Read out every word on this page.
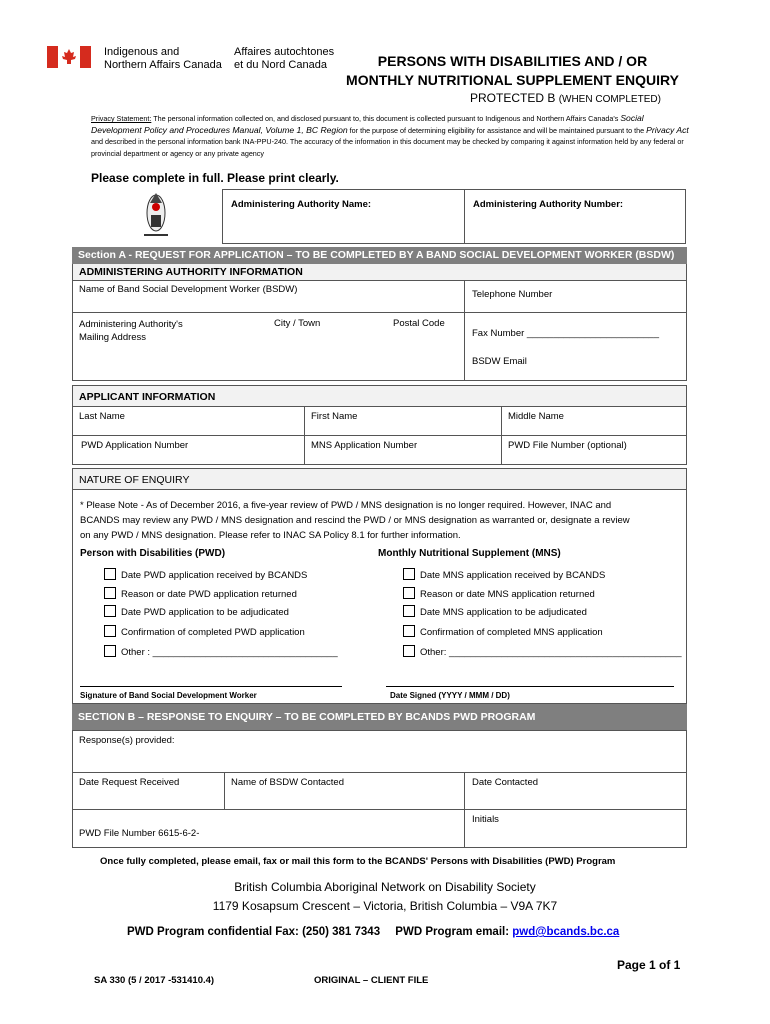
Indigenous and
Northern Affairs Canada
Affaires autochtones
et du Nord Canada	PERSONS WITH DISABILITIES AND / OR
MONTHLY NUTRITIONAL SUPPLEMENT ENQUIRY
PROTECTED B (WHEN COMPLETED)
Privacy Statement: The personal information collected on, and disclosed pursuant to, this document is collected pursuant to Indigenous and Northern Affairs Canada's Social Development Policy and Procedures Manual, Volume 1, BC Region for the purpose of determining eligibility for assistance and will be maintained pursuant to the Privacy Act and described in the personal information bank INA-PPU-240. The accuracy of the information in this document may be checked by comparing it against information held by any federal or provincial department or agency or any private agency
Please complete in full. Please print clearly.
Administering Authority Name:	Administering Authority Number:
Section A - REQUEST FOR APPLICATION – TO BE COMPLETED BY A BAND SOCIAL DEVELOPMENT WORKER (BSDW)
ADMINISTERING AUTHORITY INFORMATION
Name of Band Social Development Worker (BSDW)	Telephone Number
Administering Authority's
Mailing Address
City / Town	Postal Code
Fax Number _________________________
BSDW Email
APPLICANT INFORMATION
Last Name	First Name	Middle Name
PWD Application Number	MNS Application Number	PWD File Number (optional)
NATURE OF ENQUIRY
* Please Note - As of December 2016, a five-year review of PWD / MNS designation is no longer required. However, INAC and
BCANDS may review any PWD / MNS designation and rescind the PWD / or MNS designation as warranted or, designate a review
on any PWD / MNS designation. Please refer to INAC SA Policy 8.1 for further information.
Person with Disabilities (PWD)	Monthly Nutritional Supplement (MNS)
Date PWD application received by BCANDS
Reason or date PWD application returned
Date PWD application to be adjudicated
Confirmation of completed PWD application
Other : ___________________________________
Date MNS application received by BCANDS
Reason or date MNS application returned
Date MNS application to be adjudicated
Confirmation of completed MNS application
Other: ____________________________________________
Signature of Band Social Development Worker	Date Signed (YYYY / MMM / DD)
SECTION B – RESPONSE TO ENQUIRY – TO BE COMPLETED BY BCANDS PWD PROGRAM
Response(s) provided:
Date Request Received	Name of BSDW Contacted	Date Contacted
Initials
PWD File Number 6615-6-2-
Once fully completed, please email, fax or mail this form to the BCANDS' Persons with Disabilities (PWD) Program
British Columbia Aboriginal Network on Disability Society
1179 Kosapsum Crescent – Victoria, British Columbia – V9A 7K7
PWD Program confidential Fax: (250) 381 7343 PWD Program email: pwd@bcands.bc.ca
Page 1 of 1
SA 330 (5 / 2017 -531410.4)	ORIGINAL – CLIENT FILE
